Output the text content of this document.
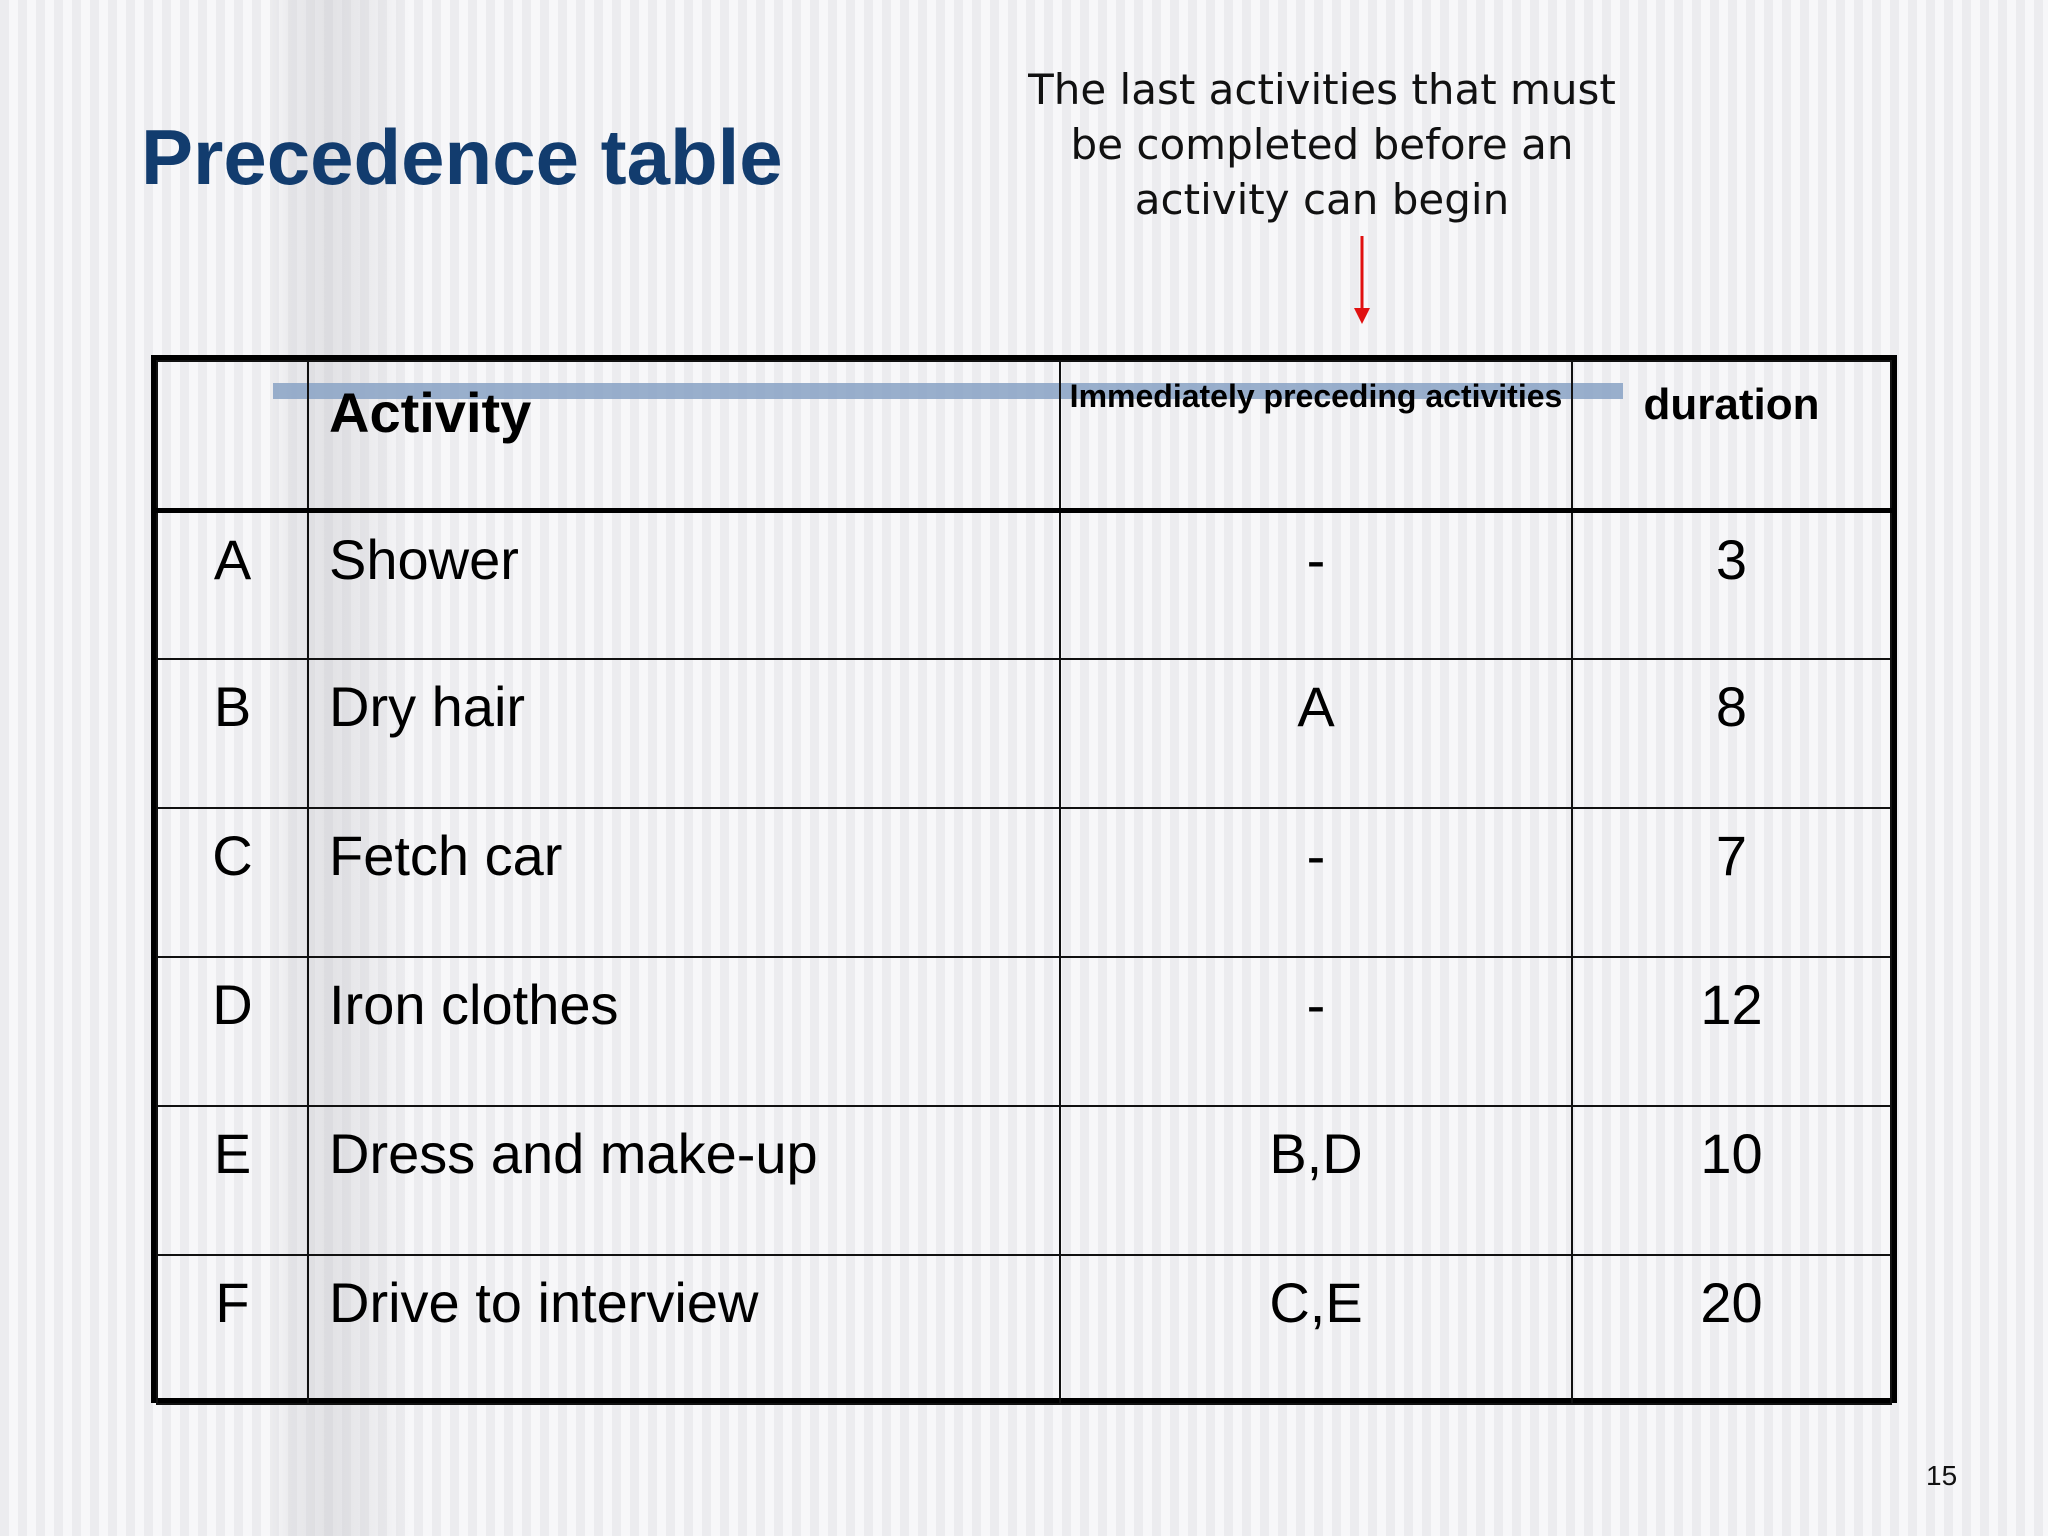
Precedence table
The last activities that must be completed before an activity can begin
	Activity	Immediately preceding activities	duration
A	Shower	-	3
B	Dry hair	A	8
C	Fetch car	-	7
D	Iron clothes	-	12
E	Dress and make-up	B,D	10
F	Drive to interview	C,E	20
15
